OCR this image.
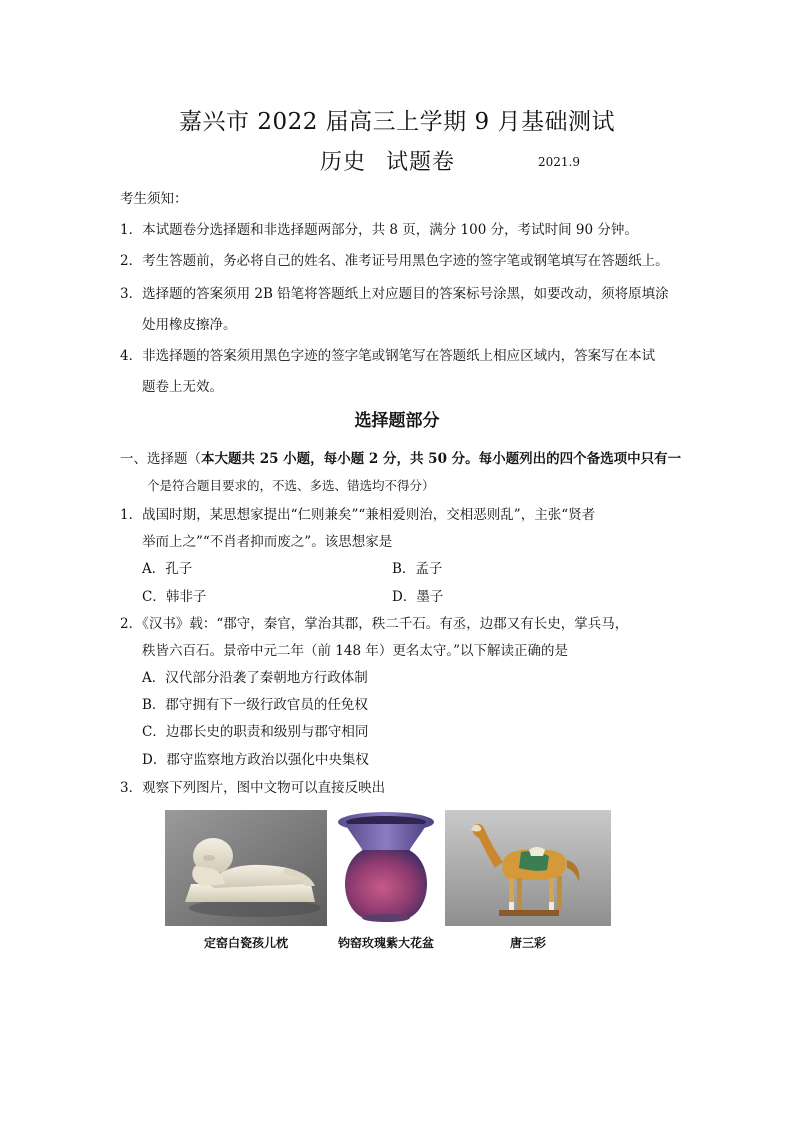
嘉兴市 2022 届高三上学期 9 月基础测试
历史 试题卷	2021.9
考生须知：
1．本试题卷分选择题和非选择题两部分，共 8 页，满分 100 分，考试时间 90 分钟。
2．考生答题前，务必将自己的姓名、准考证号用黑色字迹的签字笔或钢笔填写在答题纸上。
3．选择题的答案须用 2B 铅笔将答题纸上对应题目的答案标号涂黑，如要改动，须将原填涂
处用橡皮擦净。
4．非选择题的答案须用黑色字迹的签字笔或钢笔写在答题纸上相应区域内，答案写在本试
题卷上无效。
选择题部分
一、选择题（本大题共 25 小题，每小题 2 分，共 50 分。每小题列出的四个备选项中只有一
个是符合题目要求的，不选、多选、错选均不得分）
1．战国时期，某思想家提出“仁则兼矣”“兼相爱则治，交相恶则乱”，主张“贤者
举而上之”“不肖者抑而废之”。该思想家是
A．孔子	B．孟子
C．韩非子	D．墨子
2．《汉书》载：“郡守，秦官，掌治其郡，秩二千石。有丞，边郡又有长史，掌兵马，
秩皆六百石。景帝中元二年（前 148 年）更名太守。”以下解读正确的是
A．汉代部分沿袭了秦朝地方行政体制
B．郡守拥有下一级行政官员的任免权
C．边郡长史的职责和级别与郡守相同
D．郡守监察地方政治以强化中央集权
3．观察下列图片，图中文物可以直接反映出
定窑白瓷孩儿枕	钧窑玫瑰紫大花盆	唐三彩
